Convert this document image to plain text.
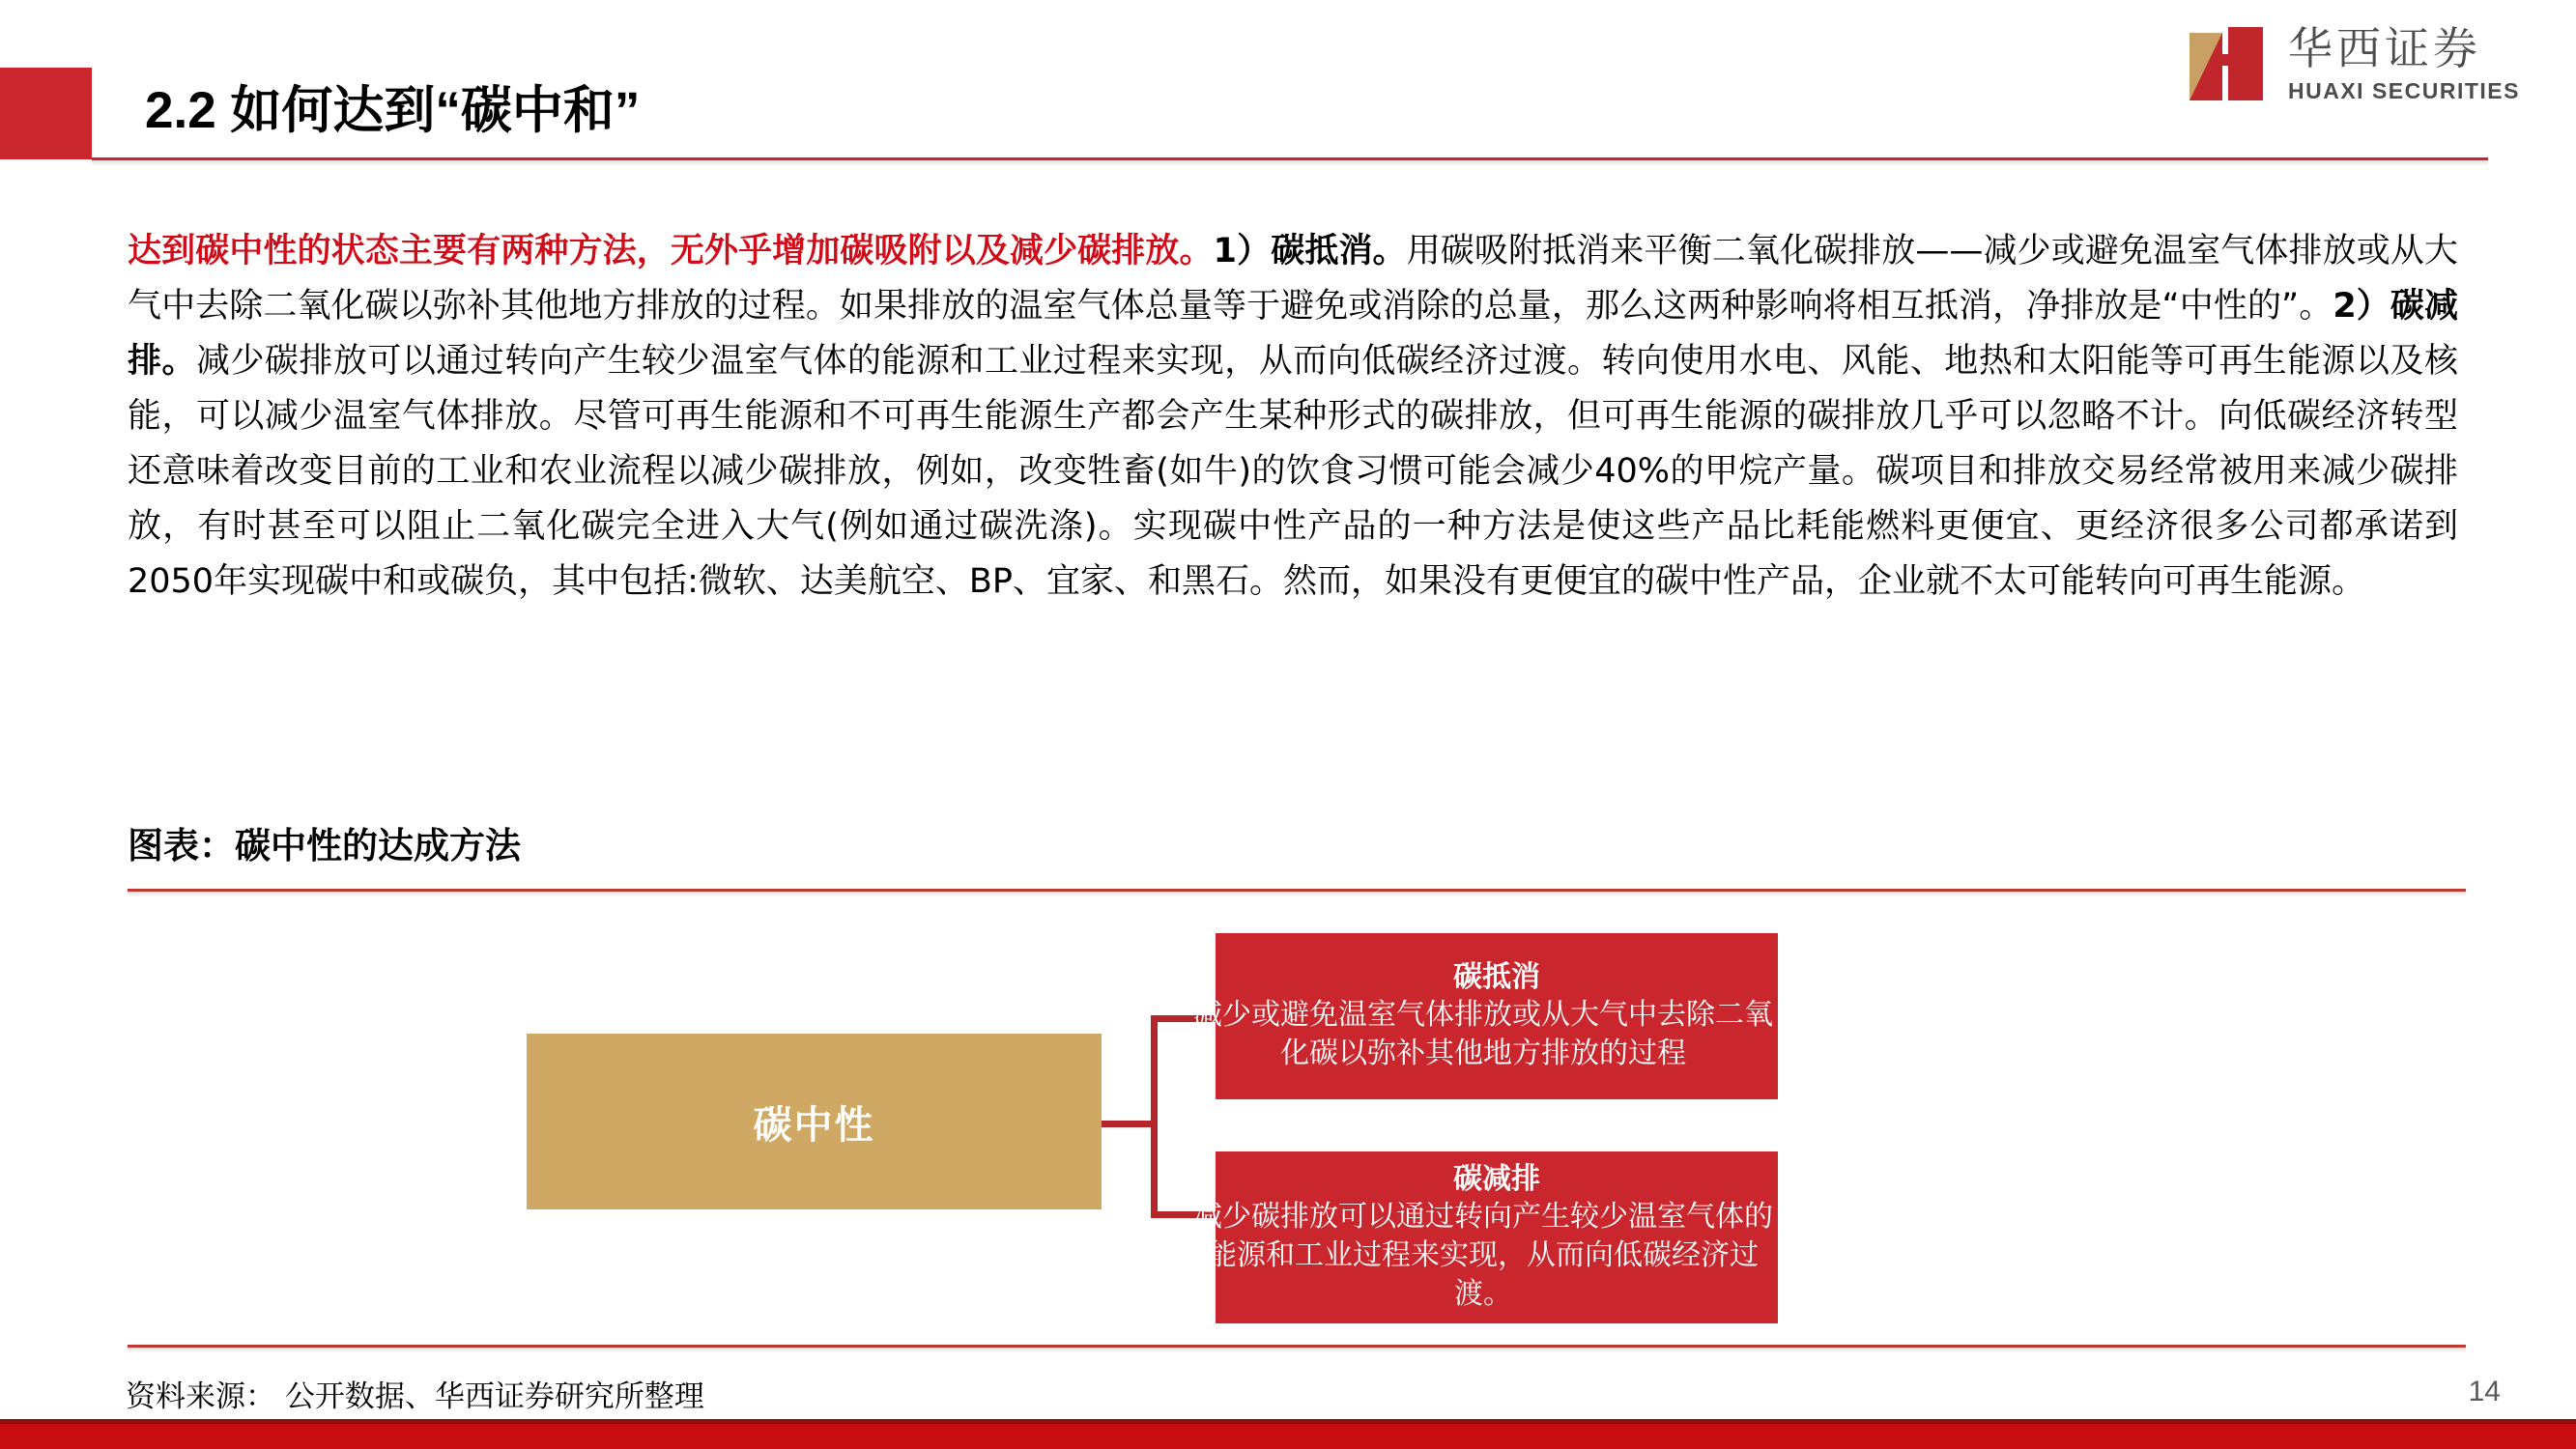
2.2 如何达到“碳中和”
华西证券
HUAXI SECURITIES
达到碳中性的状态主要有两种方法，无外乎增加碳吸附以及减少碳排放。1）碳抵消。用碳吸附抵消来平衡二氧化碳排放——减少或避免温室气体排放或从大气中去除二氧化碳以弥补其他地方排放的过程。如果排放的温室气体总量等于避免或消除的总量，那么这两种影响将相互抵消，净排放是“中性的”。2）碳减排。减少碳排放可以通过转向产生较少温室气体的能源和工业过程来实现，从而向低碳经济过渡。转向使用水电、风能、地热和太阳能等可再生能源以及核能，可以减少温室气体排放。尽管可再生能源和不可再生能源生产都会产生某种形式的碳排放，但可再生能源的碳排放几乎可以忽略不计。向低碳经济转型还意味着改变目前的工业和农业流程以减少碳排放，例如，改变牲畜(如牛)的饮食习惯可能会减少40%的甲烷产量。碳项目和排放交易经常被用来减少碳排放，有时甚至可以阻止二氧化碳完全进入大气(例如通过碳洗涤)。实现碳中性产品的一种方法是使这些产品比耗能燃料更便宜、更经济很多公司都承诺到2050年实现碳中和或碳负，其中包括:微软、达美航空、BP、宜家、和黑石。然而，如果没有更便宜的碳中性产品，企业就不太可能转向可再生能源。
图表：碳中性的达成方法
碳中性
碳抵消
减少或避免温室气体排放或从大气中去除二氧化碳以弥补其他地方排放的过程
碳减排
减少碳排放可以通过转向产生较少温室气体的能源和工业过程来实现，从而向低碳经济过渡。
资料来源： 公开数据、华西证券研究所整理	14
